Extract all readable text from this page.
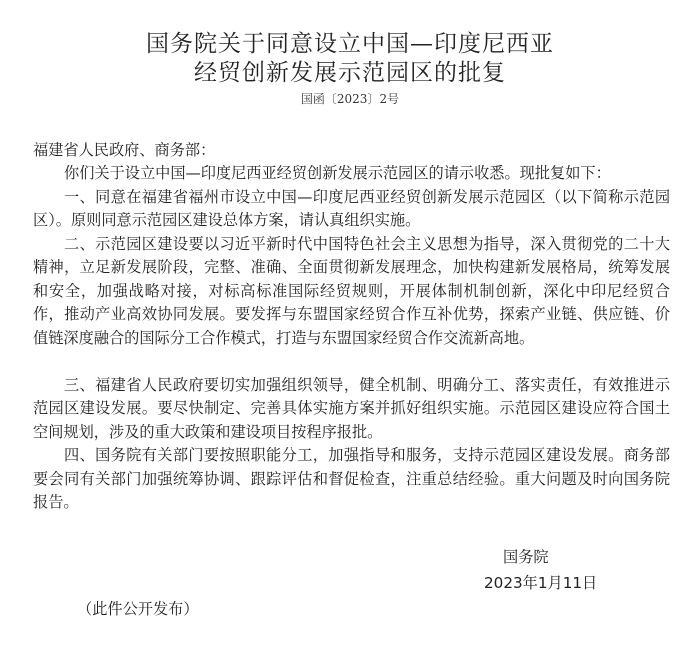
国务院关于同意设立中国—印度尼西亚
经贸创新发展示范园区的批复
国函〔2023〕2号

福建省人民政府、商务部：

你们关于设立中国—印度尼西亚经贸创新发展示范园区的请示收悉。现批复如下：

一、同意在福建省福州市设立中国—印度尼西亚经贸创新发展示范园区（以下简称示范园区）。原则同意示范园区建设总体方案，请认真组织实施。

二、示范园区建设要以习近平新时代中国特色社会主义思想为指导，深入贯彻党的二十大精神，立足新发展阶段，完整、准确、全面贯彻新发展理念，加快构建新发展格局，统筹发展和安全，加强战略对接，对标高标准国际经贸规则，开展体制机制创新，深化中印尼经贸合作，推动产业高效协同发展。要发挥与东盟国家经贸合作互补优势，探索产业链、供应链、价值链深度融合的国际分工合作模式，打造与东盟国家经贸合作交流新高地。

三、福建省人民政府要切实加强组织领导，健全机制、明确分工、落实责任，有效推进示范园区建设发展。要尽快制定、完善具体实施方案并抓好组织实施。示范园区建设应符合国土空间规划，涉及的重大政策和建设项目按程序报批。

四、国务院有关部门要按照职能分工，加强指导和服务，支持示范园区建设发展。商务部要会同有关部门加强统筹协调、跟踪评估和督促检查，注重总结经验。重大问题及时向国务院报告。

国务院
2023年1月11日
（此件公开发布）
